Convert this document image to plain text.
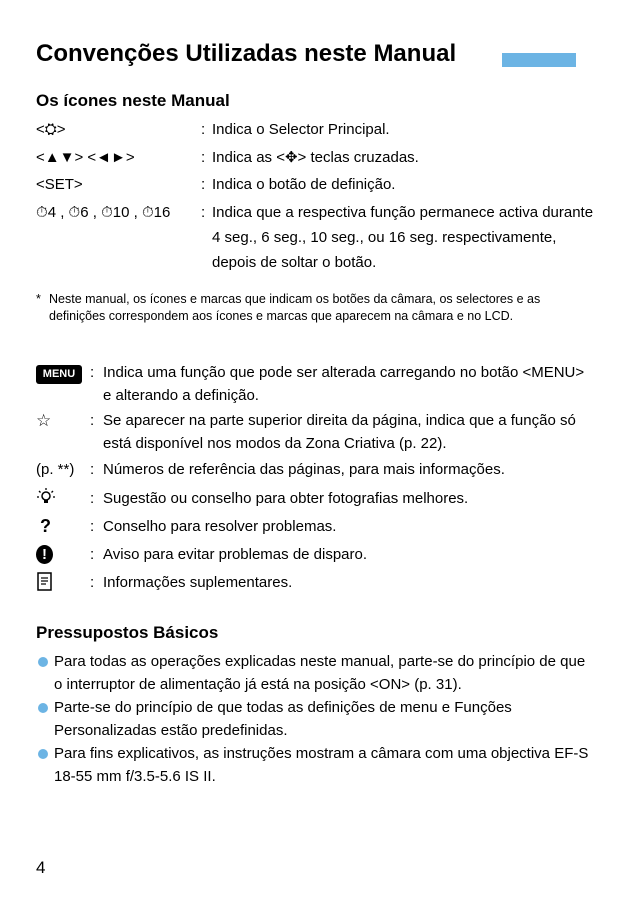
Convenções Utilizadas neste Manual
Os ícones neste Manual
<⛭>	: Indica o Selector Principal.
<▲▼> <◄►>	: Indica as <✥> teclas cruzadas.
<SET>	: Indica o botão de definição.
⏱4 , ⏱6 , ⏱10 , ⏱16 : Indica que a respectiva função permanece activa durante 4 seg., 6 seg., 10 seg., ou 16 seg. respectivamente, depois de soltar o botão.
* Neste manual, os ícones e marcas que indicam os botões da câmara, os selectores e as definições correspondem aos ícones e marcas que aparecem na câmara e no LCD.
MENU : Indica uma função que pode ser alterada carregando no botão <MENU> e alterando a definição.
☆	: Se aparecer na parte superior direita da página, indica que a função só está disponível nos modos da Zona Criativa (p. 22).
(p. **) : Números de referência das páginas, para mais informações.
: Sugestão ou conselho para obter fotografias melhores.
?	: Conselho para resolver problemas.
!	: Aviso para evitar problemas de disparo.
: Informações suplementares.
Pressupostos Básicos
Para todas as operações explicadas neste manual, parte-se do princípio de que o interruptor de alimentação já está na posição <ON> (p. 31).
Parte-se do princípio de que todas as definições de menu e Funções Personalizadas estão predefinidas.
Para fins explicativos, as instruções mostram a câmara com uma objectiva EF-S 18-55 mm f/3.5-5.6 IS II.
4
